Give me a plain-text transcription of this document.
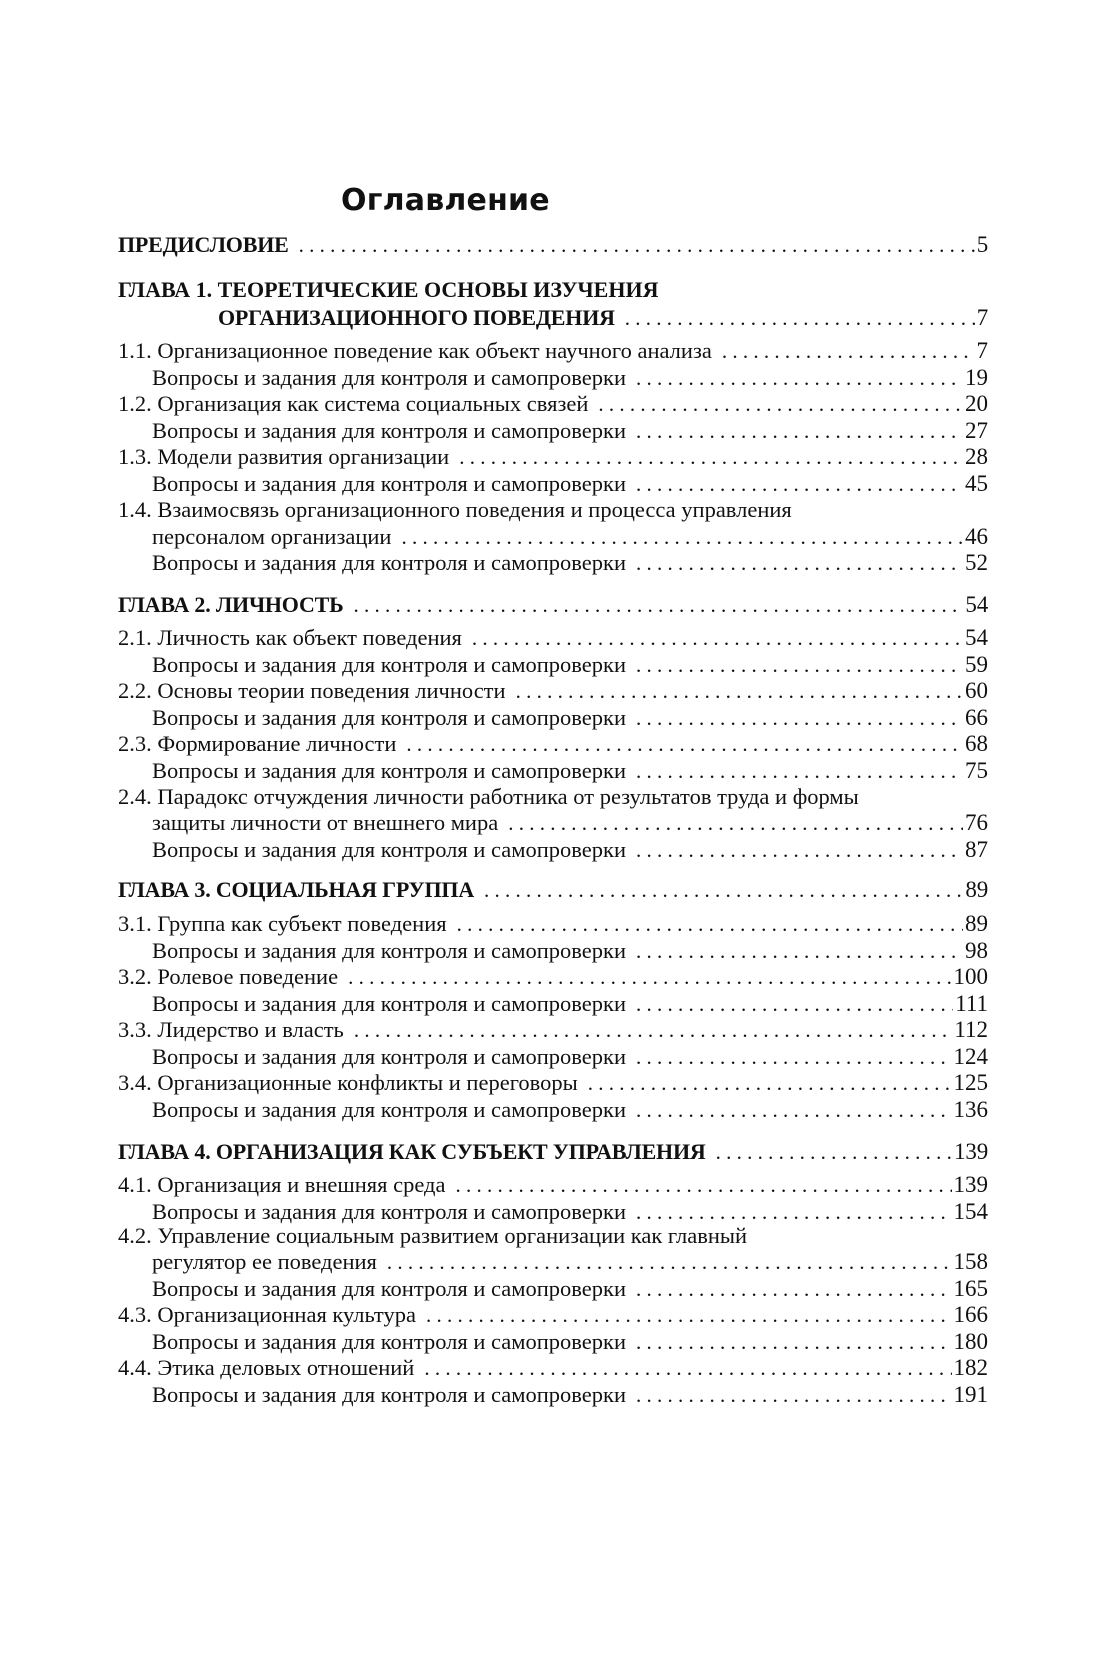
Оглавление
ПРЕДИСЛОВИЕ . . .	5
ГЛАВА 1. ТЕОРЕТИЧЕСКИЕ ОСНОВЫ ИЗУЧЕНИЯ
ОРГАНИЗАЦИОННОГО ПОВЕДЕНИЯ . . .	7
1.1. Организационное поведение как объект научного анализа . . .	7
Вопросы и задания для контроля и самопроверки . . .	19
1.2. Организация как система социальных связей . . .	20
Вопросы и задания для контроля и самопроверки . . .	27
1.3. Модели развития организации . . .	28
Вопросы и задания для контроля и самопроверки . . .	45
1.4. Взаимосвязь организационного поведения и процесса управления
персоналом организации . . .	46
Вопросы и задания для контроля и самопроверки . . .	52
ГЛАВА 2. ЛИЧНОСТЬ . . .	54
2.1. Личность как объект поведения . . .	54
Вопросы и задания для контроля и самопроверки . . .	59
2.2. Основы теории поведения личности . . .	60
Вопросы и задания для контроля и самопроверки . . .	66
2.3. Формирование личности . . .	68
Вопросы и задания для контроля и самопроверки . . .	75
2.4. Парадокс отчуждения личности работника от результатов труда и формы
защиты личности от внешнего мира . . .	76
Вопросы и задания для контроля и самопроверки . . .	87
ГЛАВА 3. СОЦИАЛЬНАЯ ГРУППА . . .	89
3.1. Группа как субъект поведения . . .	89
Вопросы и задания для контроля и самопроверки . . .	98
3.2. Ролевое поведение . . .	100
Вопросы и задания для контроля и самопроверки . . .	111
3.3. Лидерство и власть . . .	112
Вопросы и задания для контроля и самопроверки . . .	124
3.4. Организационные конфликты и переговоры . . .	125
Вопросы и задания для контроля и самопроверки . . .	136
ГЛАВА 4. ОРГАНИЗАЦИЯ КАК СУБЪЕКТ УПРАВЛЕНИЯ . . .	139
4.1. Организация и внешняя среда . . .	139
Вопросы и задания для контроля и самопроверки . . .	154
4.2. Управление социальным развитием организации как главный
регулятор ее поведения . . .	158
Вопросы и задания для контроля и самопроверки . . .	165
4.3. Организационная культура . . .	166
Вопросы и задания для контроля и самопроверки . . .	180
4.4. Этика деловых отношений . . .	182
Вопросы и задания для контроля и самопроверки . . .	191
